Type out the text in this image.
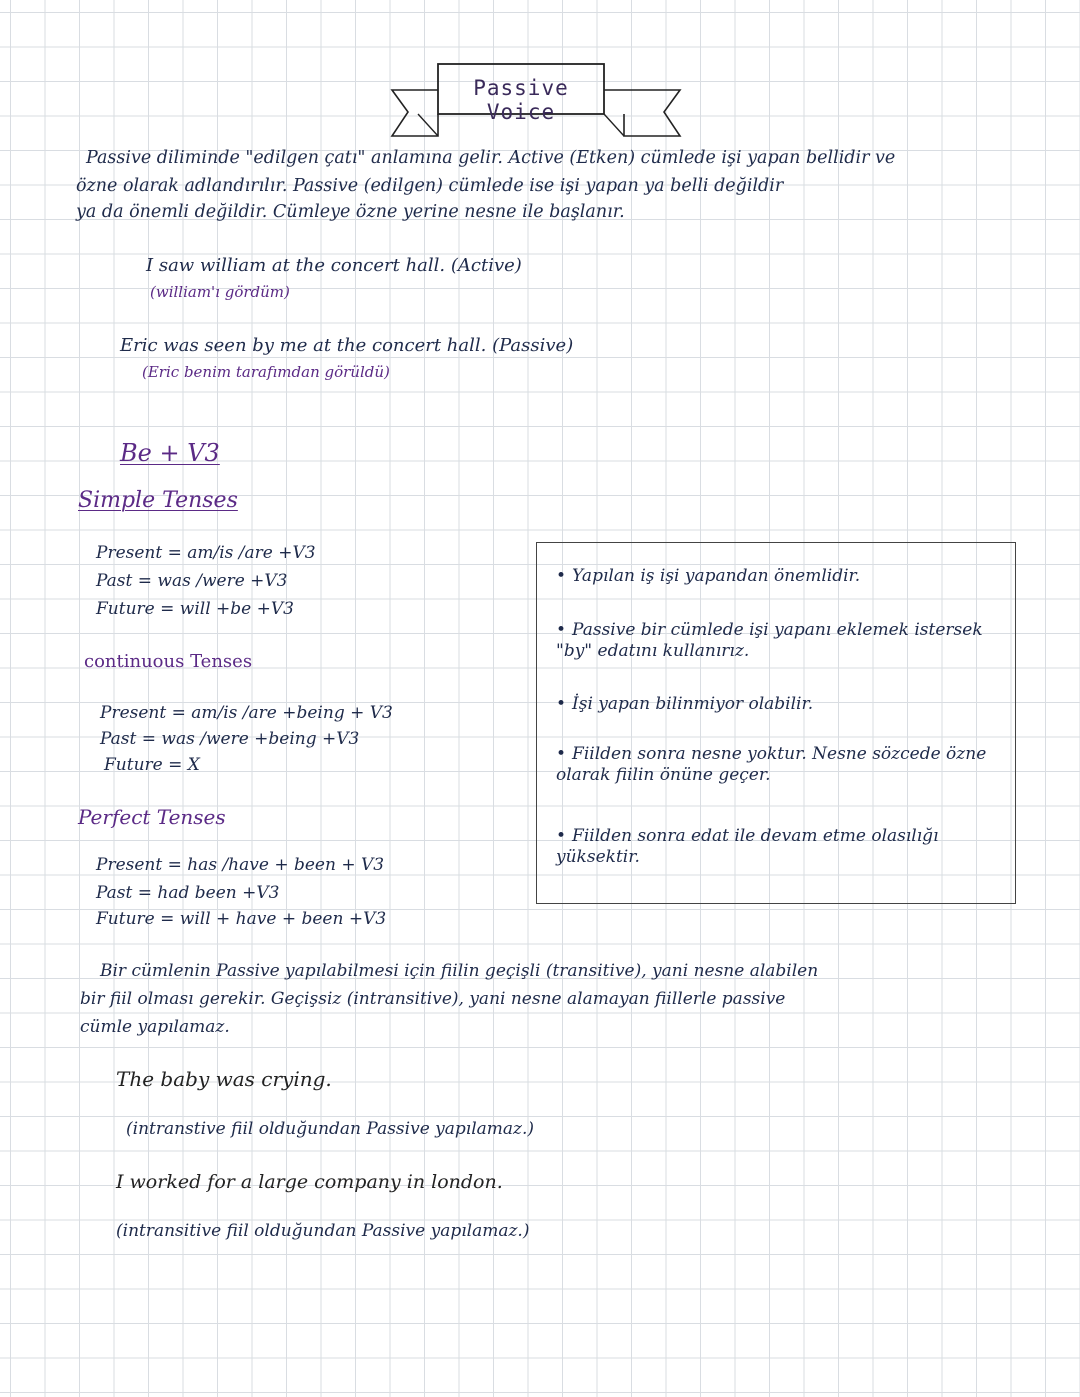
Passive Voice
Passive diliminde "edilgen çatı" anlamına gelir. Active (Etken) cümlede işi yapan bellidir ve
özne olarak adlandırılır. Passive (edilgen) cümlede ise işi yapan ya belli değildir
ya da önemli değildir. Cümleye özne yerine nesne ile başlanır.
I saw william at the concert hall. (Active)
(william'ı gördüm)
Eric was seen by me at the concert hall. (Passive)
(Eric benim tarafımdan görüldü)
Be + V3
Simple Tenses
Present = am/is /are +V3
Past = was /were +V3
Future = will +be +V3
continuous Tenses
Present = am/is /are +being + V3
Past = was /were +being +V3
Future = X
Perfect Tenses
Present = has /have + been + V3
Past = had been +V3
Future = will + have + been +V3
• Yapılan iş işi yapandan önemlidir.
• Passive bir cümlede işi yapanı eklemek istersek "by" edatını kullanırız.
• İşi yapan bilinmiyor olabilir.
• Fiilden sonra nesne yoktur. Nesne sözcede özne olarak fiilin önüne geçer.
• Fiilden sonra edat ile devam etme olasılığı yüksektir.
Bir cümlenin Passive yapılabilmesi için fiilin geçişli (transitive), yani nesne alabilen
bir fiil olması gerekir. Geçişsiz (intransitive), yani nesne alamayan fiillerle passive
cümle yapılamaz.
The baby was crying.
(intranstive fiil olduğundan Passive yapılamaz.)
I worked for a large company in london.
(intransitive fiil olduğundan Passive yapılamaz.)
